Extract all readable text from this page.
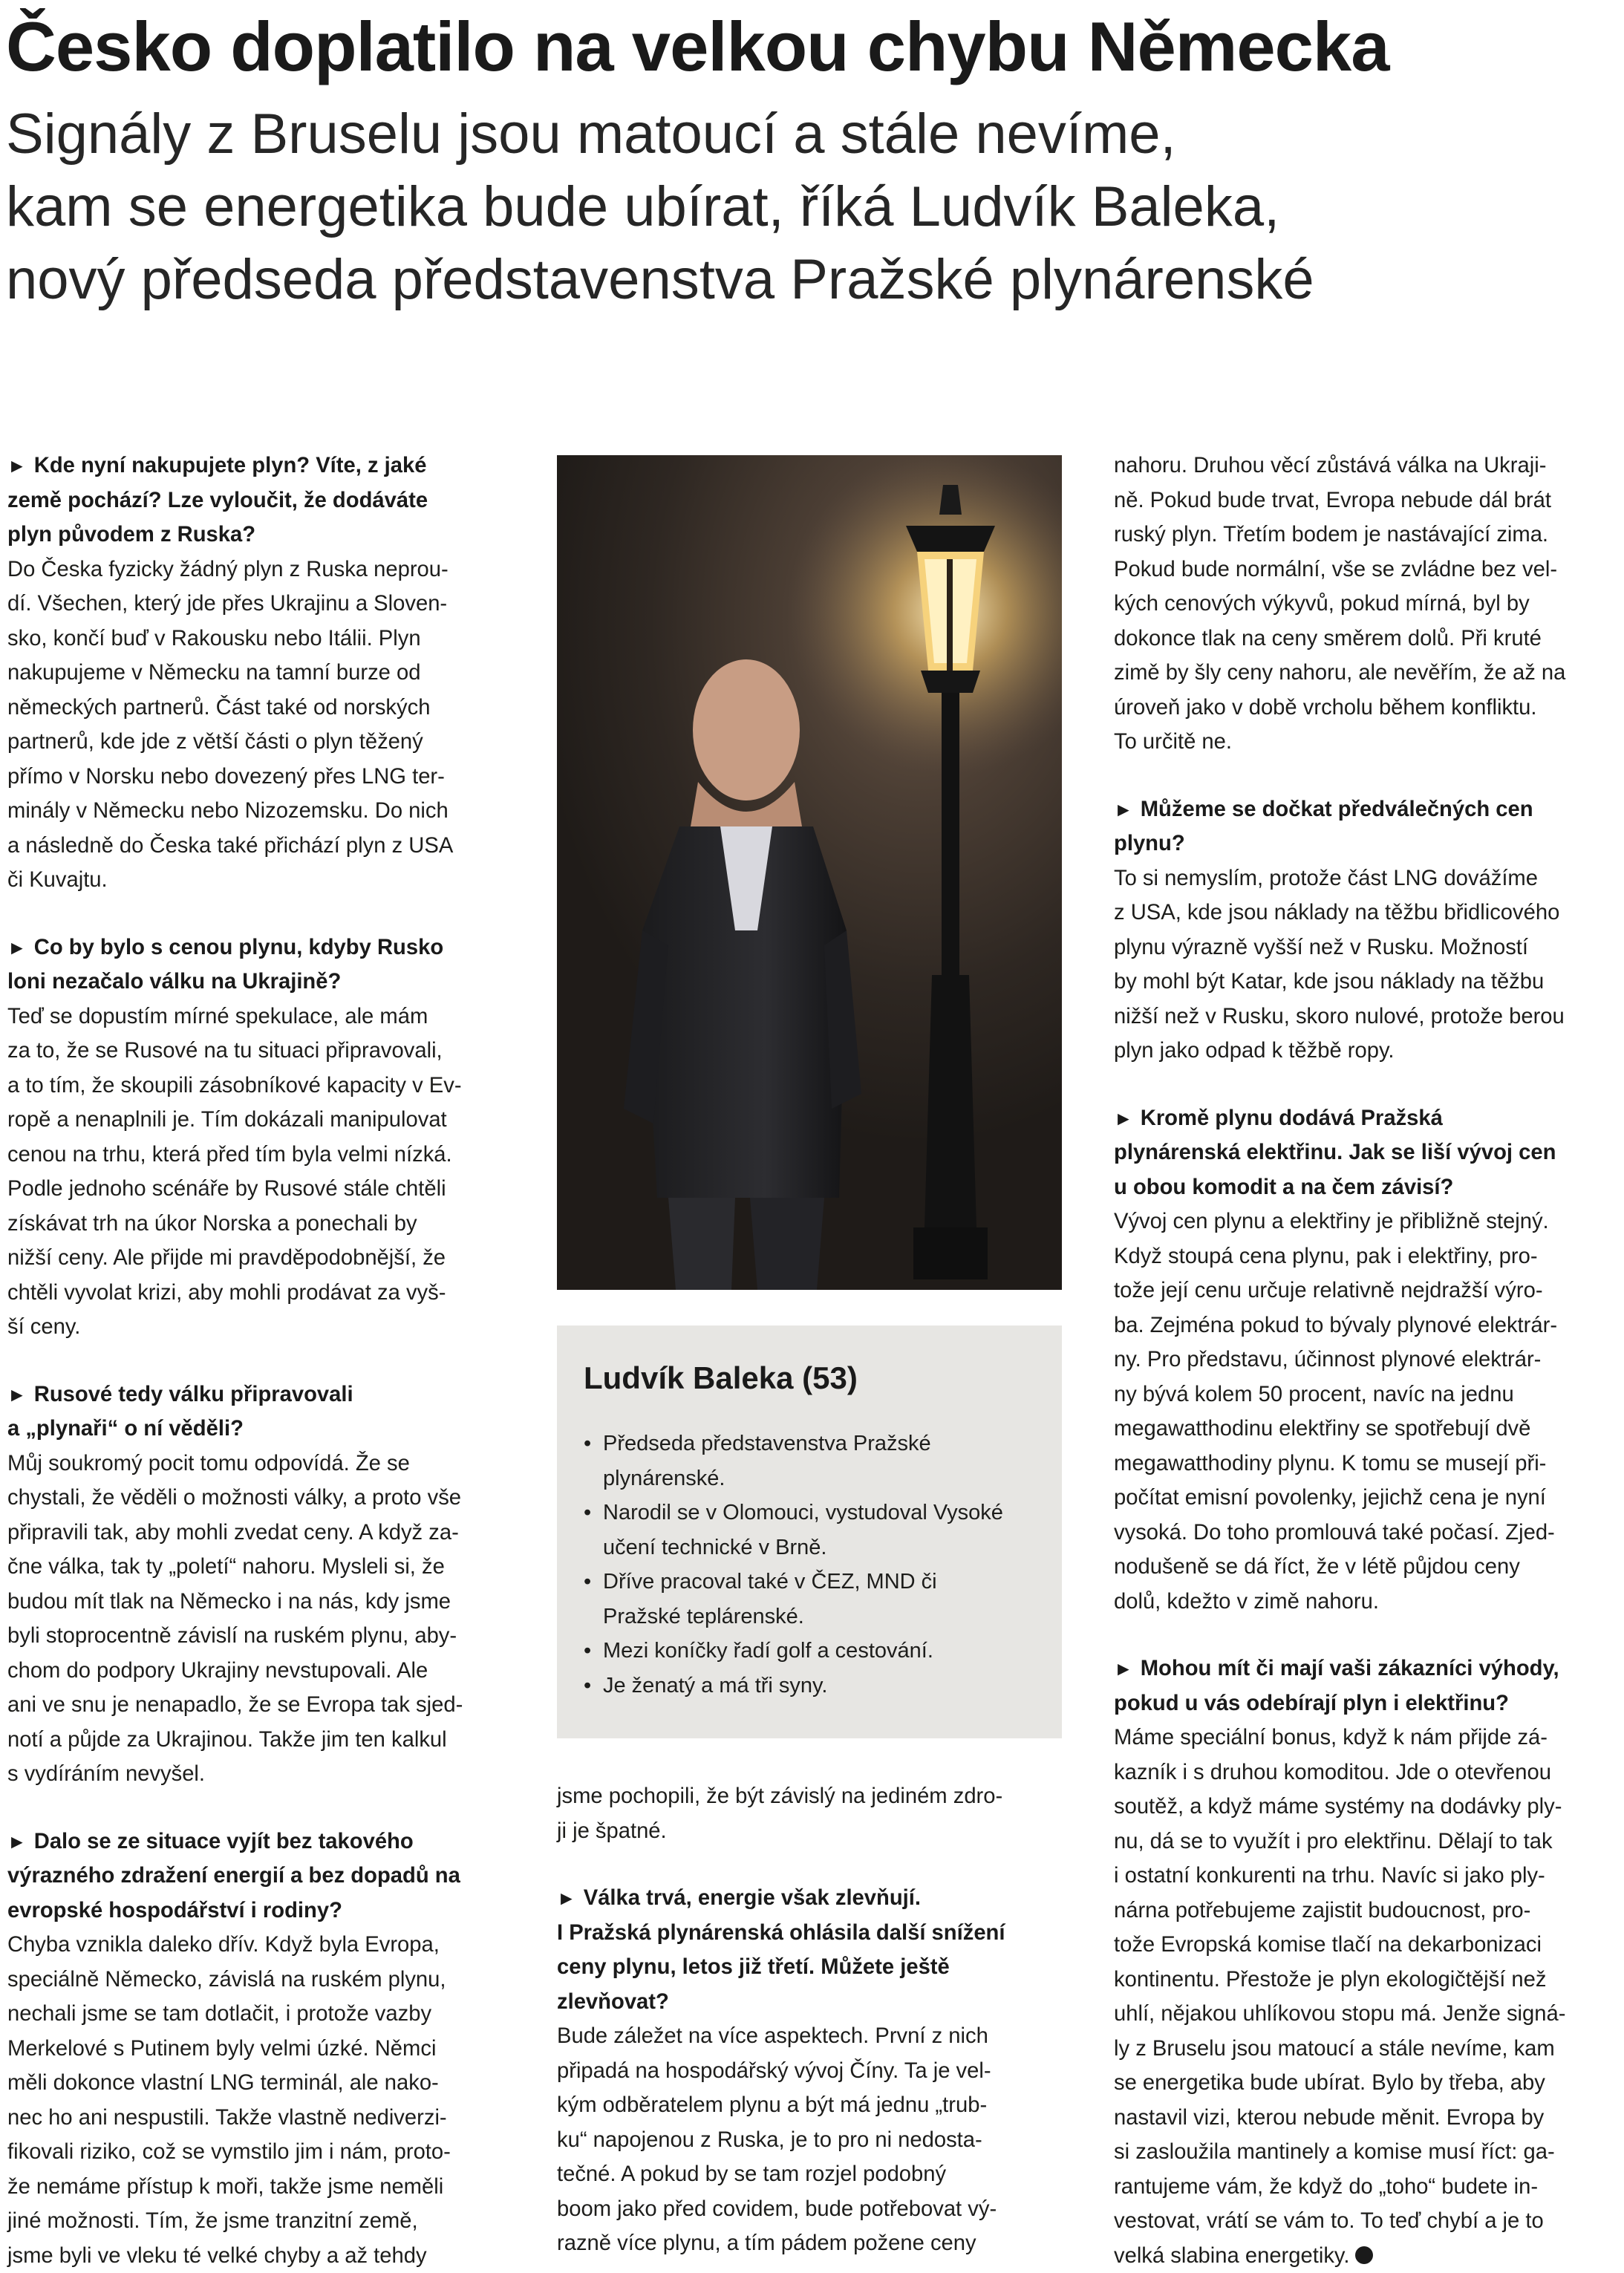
Česko doplatilo na velkou chybu Německa
Signály z Bruselu jsou matoucí a stále nevíme,
kam se energetika bude ubírat, říká Ludvík Baleka,
nový předseda představenstva Pražské plynárenské

► Kde nyní nakupujete plyn? Víte, z jaké

země pochází? Lze vyloučit, že dodáváte

plyn původem z Ruska?

Do Česka fyzicky žádný plyn z Ruska neprou-

dí. Všechen, který jde přes Ukrajinu a Sloven-

sko, končí buď v Rakousku nebo Itálii. Plyn

nakupujeme v Německu na tamní burze od

německých partnerů. Část také od norských

partnerů, kde jde z větší části o plyn těžený

přímo v Norsku nebo dovezený přes LNG ter-

minály v Německu nebo Nizozemsku. Do nich

a následně do Česka také přichází plyn z USA

či Kuvajtu.

► Co by bylo s cenou plynu, kdyby Rusko

loni nezačalo válku na Ukrajině?

Teď se dopustím mírné spekulace, ale mám

za to, že se Rusové na tu situaci připravovali,

a to tím, že skoupili zásobníkové kapacity v Ev-

ropě a nenaplnili je. Tím dokázali manipulovat

cenou na trhu, která před tím byla velmi nízká.

Podle jednoho scénáře by Rusové stále chtěli

získávat trh na úkor Norska a ponechali by

nižší ceny. Ale přijde mi pravděpodobnější, že

chtěli vyvolat krizi, aby mohli prodávat za vyš-

ší ceny.

► Rusové tedy válku připravovali

a „plynaři“ o ní věděli?

Můj soukromý pocit tomu odpovídá. Že se

chystali, že věděli o možnosti války, a proto vše

připravili tak, aby mohli zvedat ceny. A když za-

čne válka, tak ty „poletí“ nahoru. Mysleli si, že

budou mít tlak na Německo i na nás, kdy jsme

byli stoprocentně závislí na ruském plynu, aby-

chom do podpory Ukrajiny nevstupovali. Ale

ani ve snu je nenapadlo, že se Evropa tak sjed-

notí a půjde za Ukrajinou. Takže jim ten kalkul

s vydíráním nevyšel.

► Dalo se ze situace vyjít bez takového

výrazného zdražení energií a bez dopadů na

evropské hospodářství i rodiny?

Chyba vznikla daleko dřív. Když byla Evropa,

speciálně Německo, závislá na ruském plynu,

nechali jsme se tam dotlačit, i protože vazby

Merkelové s Putinem byly velmi úzké. Němci

měli dokonce vlastní LNG terminál, ale nako-

nec ho ani nespustili. Takže vlastně nediverzi-

fikovali riziko, což se vymstilo jim i nám, proto-

že nemáme přístup k moři, takže jsme neměli

jiné možnosti. Tím, že jsme tranzitní země,

jsme byli ve vleku té velké chyby a až tehdy

Ludvík Baleka (53)
• Předseda představenstva Pražské
plynárenské.
• Narodil se v Olomouci, vystudoval Vysoké
učení technické v Brně.
• Dříve pracoval také v ČEZ, MND či
Pražské teplárenské.
• Mezi koníčky řadí golf a cestování.
• Je ženatý a má tři syny.

jsme pochopili, že být závislý na jediném zdro-

ji je špatné.

► Válka trvá, energie však zlevňují.

I Pražská plynárenská ohlásila další snížení

ceny plynu, letos již třetí. Můžete ještě

zlevňovat?

Bude záležet na více aspektech. První z nich

připadá na hospodářský vývoj Číny. Ta je vel-

kým odběratelem plynu a být má jednu „trub-

ku“ napojenou z Ruska, je to pro ni nedosta-

tečné. A pokud by se tam rozjel podobný

boom jako před covidem, bude potřebovat vý-

razně více plynu, a tím pádem poženе ceny

nahoru. Druhou věcí zůstává válka na Ukraji-

ně. Pokud bude trvat, Evropa nebude dál brát

ruský plyn. Třetím bodem je nastávající zima.

Pokud bude normální, vše se zvládne bez vel-

kých cenových výkyvů, pokud mírná, byl by

dokonce tlak na ceny směrem dolů. Při kruté

zimě by šly ceny nahoru, ale nevěřím, že až na

úroveň jako v době vrcholu během konfliktu.

To určitě ne.

► Můžeme se dočkat předválečných cen

plynu?

To si nemyslím, protože část LNG dovážíme

z USA, kde jsou náklady na těžbu břidlicového

plynu výrazně vyšší než v Rusku. Možností

by mohl být Katar, kde jsou náklady na těžbu

nižší než v Rusku, skoro nulové, protože berou

plyn jako odpad k těžbě ropy.

► Kromě plynu dodává Pražská

plynárenská elektřinu. Jak se liší vývoj cen

u obou komodit a na čem závisí?

Vývoj cen plynu a elektřiny je přibližně stejný.

Když stoupá cena plynu, pak i elektřiny, pro-

tože její cenu určuje relativně nejdražší výro-

ba. Zejména pokud to bývaly plynové elektrár-

ny. Pro představu, účinnost plynové elektrár-

ny bývá kolem 50 procent, navíc na jednu

megawatthodinu elektřiny se spotřebují dvě

megawatthodiny plynu. K tomu se musejí při-

počítat emisní povolenky, jejichž cena je nyní

vysoká. Do toho promlouvá také počasí. Zjed-

nodušeně se dá říct, že v létě půjdou ceny

dolů, kdežto v zimě nahoru.

► Mohou mít či mají vaši zákazníci výhody,

pokud u vás odebírají plyn i elektřinu?

Máme speciální bonus, když k nám přijde zá-

kazník i s druhou komoditou. Jde o otevřenou

soutěž, a když máme systémy na dodávky ply-

nu, dá se to využít i pro elektřinu. Dělají to tak

i ostatní konkurenti na trhu. Navíc si jako ply-

nárna potřebujeme zajistit budoucnost, pro-

tože Evropská komise tlačí na dekarbonizaci

kontinentu. Přestože je plyn ekologičtější než

uhlí, nějakou uhlíkovou stopu má. Jenže signá-

ly z Bruselu jsou matoucí a stále nevíme, kam

se energetika bude ubírat. Bylo by třeba, aby

nastavil vizi, kterou nebude měnit. Evropa by

si zasloužila mantinely a komise musí říct: ga-

rantujeme vám, že když do „toho“ budete in-

vestovat, vrátí se vám to. To teď chybí a je to

velká slabina energetiky.
